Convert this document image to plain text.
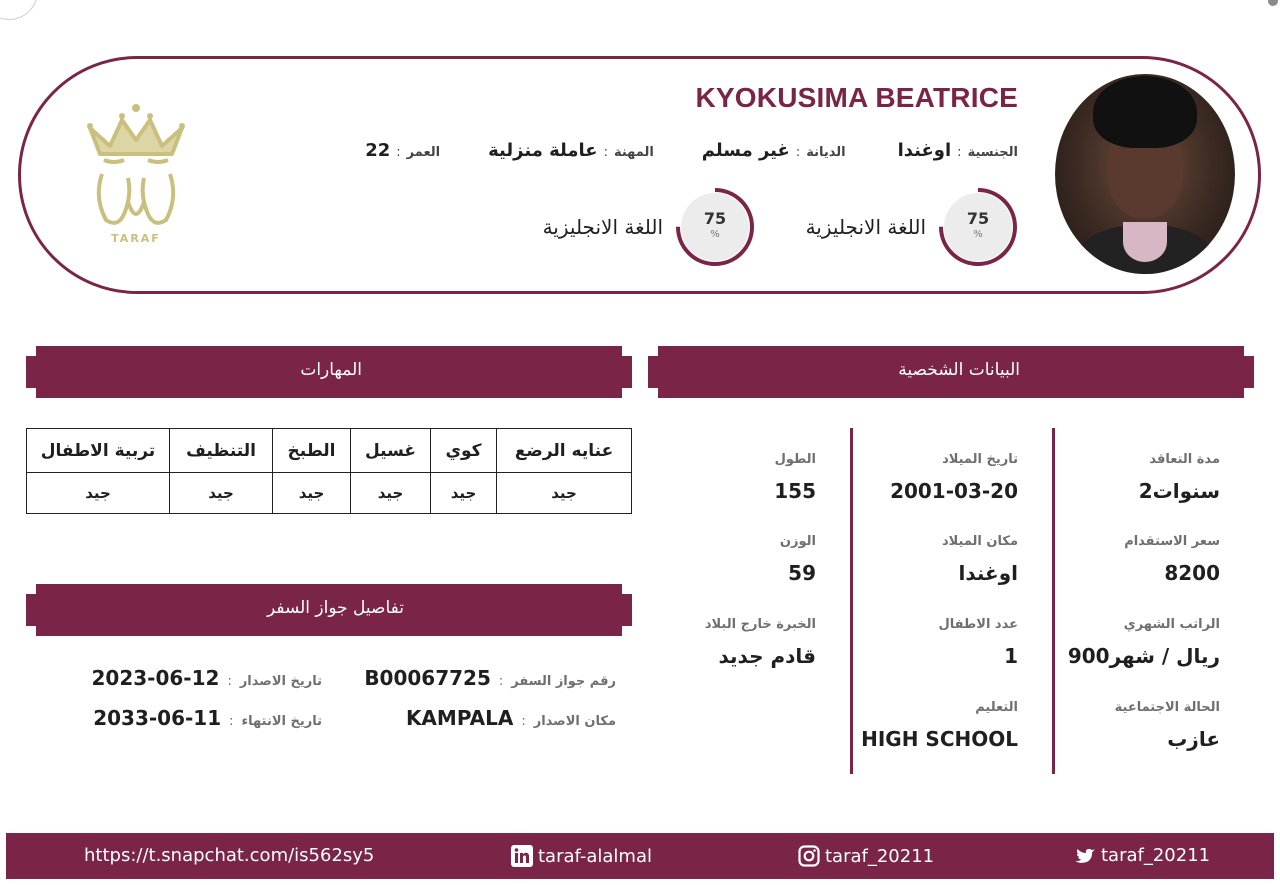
KYOKUSIMA BEATRICE
الجنسية
:
اوغندا
الديانة
:
غير مسلم
المهنة
:
عاملة منزلية
العمر
:
22
75
%
اللغة الانجليزية
75
%
اللغة الانجليزية
TARAF
البيانات الشخصية
المهارات
تفاصيل جواز السفر
مدة التعاقد
2سنوات
سعر الاستقدام
8200
الراتب الشهري
900ريال / شهر
الحالة الاجتماعية
عازب
تاريخ الميلاد
2001-03-20
مكان الميلاد
اوغندا
عدد الاطفال
1
التعليم
HIGH SCHOOL
الطول
155
الوزن
59
الخبرة خارج البلاد
قادم جديد
عنايه الرضع	كوي	غسيل	الطبخ	التنظيف	تربية الاطفال
جيد	جيد	جيد	جيد	جيد	جيد
رقم جواز السفر
:
B00067725
مكان الاصدار
:
KAMPALA
تاريخ الاصدار
:
2023-06-12
تاريخ الانتهاء
:
2033-06-11
https://t.snapchat.com/is562sy5	taraf-alalmal	taraf_20211	taraf_20211
